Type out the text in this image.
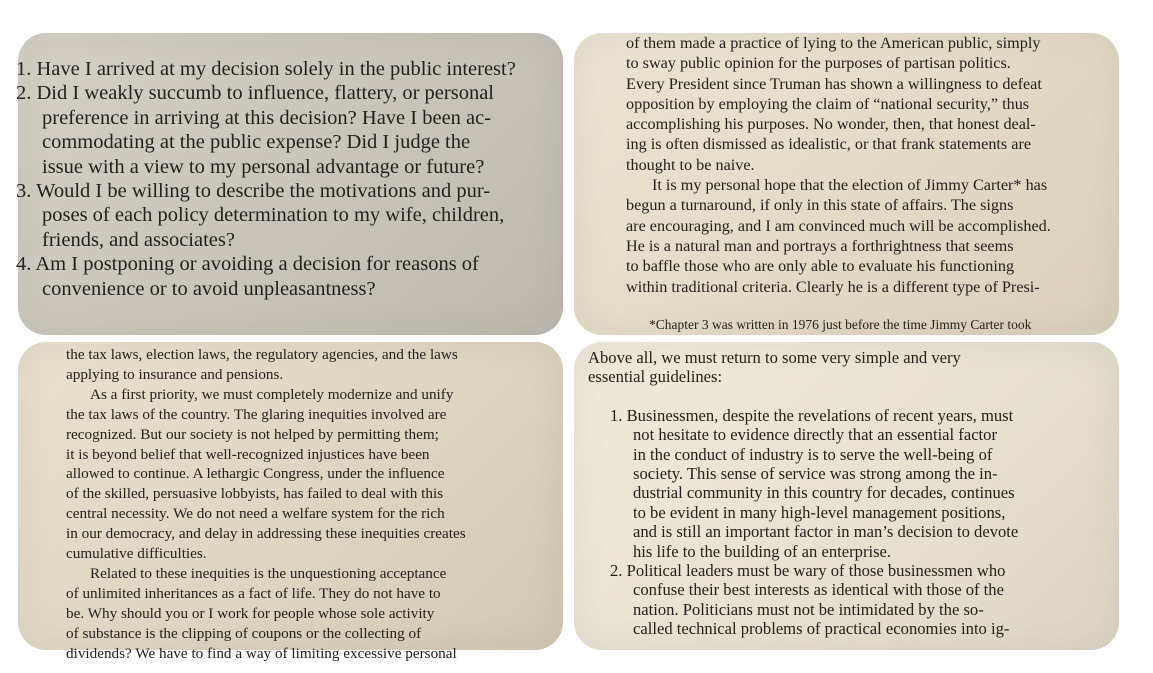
1. Have I arrived at my decision solely in the public interest?

2. Did I weakly succumb to influence, flattery, or personal

preference in arriving at this decision? Have I been ac-

commodating at the public expense? Did I judge the

issue with a view to my personal advantage or future?

3. Would I be willing to describe the motivations and pur-

poses of each policy determination to my wife, children,

friends, and associates?

4. Am I postponing or avoiding a decision for reasons of

convenience or to avoid unpleasantness?

of them made a practice of lying to the American public, simply

to sway public opinion for the purposes of partisan politics.

Every President since Truman has shown a willingness to defeat

opposition by employing the claim of “national security,” thus

accomplishing his purposes. No wonder, then, that honest deal-

ing is often dismissed as idealistic, or that frank statements are

thought to be naive.

It is my personal hope that the election of Jimmy Carter* has

begun a turnaround, if only in this state of affairs. The signs

are encouraging, and I am convinced much will be accomplished.

He is a natural man and portrays a forthrightness that seems

to baffle those who are only able to evaluate his functioning

within traditional criteria. Clearly he is a different type of Presi-

*Chapter 3 was written in 1976 just before the time Jimmy Carter took

the tax laws, election laws, the regulatory agencies, and the laws

applying to insurance and pensions.

As a first priority, we must completely modernize and unify

the tax laws of the country. The glaring inequities involved are

recognized. But our society is not helped by permitting them;

it is beyond belief that well-recognized injustices have been

allowed to continue. A lethargic Congress, under the influence

of the skilled, persuasive lobbyists, has failed to deal with this

central necessity. We do not need a welfare system for the rich

in our democracy, and delay in addressing these inequities creates

cumulative difficulties.

Related to these inequities is the unquestioning acceptance

of unlimited inheritances as a fact of life. They do not have to

be. Why should you or I work for people whose sole activity

of substance is the clipping of coupons or the collecting of

dividends? We have to find a way of limiting excessive personal

Above all, we must return to some very simple and very

essential guidelines:

1. Businessmen, despite the revelations of recent years, must

not hesitate to evidence directly that an essential factor

in the conduct of industry is to serve the well-being of

society. This sense of service was strong among the in-

dustrial community in this country for decades, continues

to be evident in many high-level management positions,

and is still an important factor in man’s decision to devote

his life to the building of an enterprise.

2. Political leaders must be wary of those businessmen who

confuse their best interests as identical with those of the

nation. Politicians must not be intimidated by the so-

called technical problems of practical economies into ig-
